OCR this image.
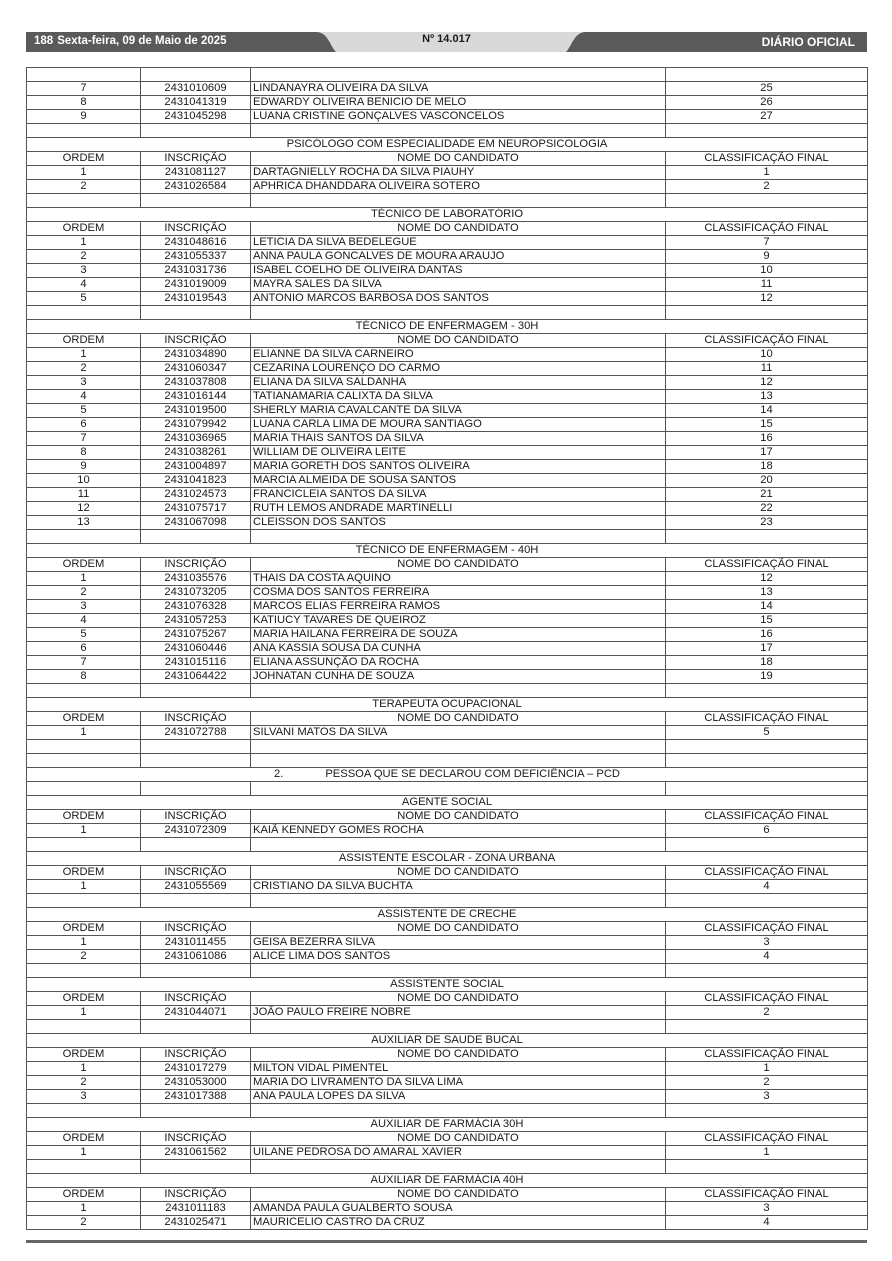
188 Sexta-feira, 09 de Maio de 2025	Nº 14.017	DIÁRIO OFICIAL

7	2431010609	LINDANAYRA OLIVEIRA DA SILVA	25
8	2431041319	EDWARDY OLIVEIRA BENICIO DE MELO	26
9	2431045298	LUANA CRISTINE GONÇALVES VASCONCELOS	27

PSICÓLOGO COM ESPECIALIDADE EM NEUROPSICOLOGIA			
ORDEM	INSCRIÇÃO	NOME DO CANDIDATO	CLASSIFICAÇÃO FINAL
1	2431081127	DARTAGNIELLY ROCHA DA SILVA PIAUHY	1
2	2431026584	APHRICA DHANDDARA OLIVEIRA SOTERO	2

TÉCNICO DE LABORATÓRIO			
ORDEM	INSCRIÇÃO	NOME DO CANDIDATO	CLASSIFICAÇÃO FINAL
1	2431048616	LETICIA DA SILVA BEDELEGUE	7
2	2431055337	ANNA PAULA GONCALVES DE MOURA ARAUJO	9
3	2431031736	ISABEL COELHO DE OLIVEIRA DANTAS	10
4	2431019009	MAYRA SALES DA SILVA	11
5	2431019543	ANTONIO MARCOS BARBOSA DOS SANTOS	12

TÉCNICO DE ENFERMAGEM - 30H			
ORDEM	INSCRIÇÃO	NOME DO CANDIDATO	CLASSIFICAÇÃO FINAL
1	2431034890	ELIANNE DA SILVA CARNEIRO	10
2	2431060347	CEZARINA LOURENÇO DO CARMO	11
3	2431037808	ELIANA DA SILVA SALDANHA	12
4	2431016144	TATIANAMARIA CALIXTA DA SILVA	13
5	2431019500	SHERLY MARIA CAVALCANTE DA SILVA	14
6	2431079942	LUANA CARLA LIMA DE MOURA SANTIAGO	15
7	2431036965	MARIA THAIS SANTOS DA SILVA	16
8	2431038261	WILLIAM DE OLIVEIRA LEITE	17
9	2431004897	MARIA GORETH DOS SANTOS OLIVEIRA	18
10	2431041823	MARCIA ALMEIDA DE SOUSA SANTOS	20
11	2431024573	FRANCICLEIA SANTOS DA SILVA	21
12	2431075717	RUTH LEMOS ANDRADE MARTINELLI	22
13	2431067098	CLEISSON DOS SANTOS	23

TÉCNICO DE ENFERMAGEM - 40H			
ORDEM	INSCRIÇÃO	NOME DO CANDIDATO	CLASSIFICAÇÃO FINAL
1	2431035576	THAIS DA COSTA AQUINO	12
2	2431073205	COSMA DOS SANTOS FERREIRA	13
3	2431076328	MARCOS ELIAS FERREIRA RAMOS	14
4	2431057253	KATIUCY TAVARES DE QUEIROZ	15
5	2431075267	MARIA HAILANA FERREIRA DE SOUZA	16
6	2431060446	ANA KASSIA SOUSA DA CUNHA	17
7	2431015116	ELIANA ASSUNÇÃO DA ROCHA	18
8	2431064422	JOHNATAN CUNHA DE SOUZA	19

TERAPEUTA OCUPACIONAL			
ORDEM	INSCRIÇÃO	NOME DO CANDIDATO	CLASSIFICAÇÃO FINAL
1	2431072788	SILVANI MATOS DA SILVA	5

2. PESSOA QUE SE DECLAROU COM DEFICIÊNCIA – PCD			

AGENTE SOCIAL			
ORDEM	INSCRIÇÃO	NOME DO CANDIDATO	CLASSIFICAÇÃO FINAL
1	2431072309	KAIÃ KENNEDY GOMES ROCHA	6

ASSISTENTE ESCOLAR - ZONA URBANA			
ORDEM	INSCRIÇÃO	NOME DO CANDIDATO	CLASSIFICAÇÃO FINAL
1	2431055569	CRISTIANO DA SILVA BUCHTA	4

ASSISTENTE DE CRECHE			
ORDEM	INSCRIÇÃO	NOME DO CANDIDATO	CLASSIFICAÇÃO FINAL
1	2431011455	GEISA BEZERRA SILVA	3
2	2431061086	ALICE LIMA DOS SANTOS	4

ASSISTENTE SOCIAL			
ORDEM	INSCRIÇÃO	NOME DO CANDIDATO	CLASSIFICAÇÃO FINAL
1	2431044071	JOÃO PAULO FREIRE NOBRE	2

AUXILIAR DE SAUDE BUCAL			
ORDEM	INSCRIÇÃO	NOME DO CANDIDATO	CLASSIFICAÇÃO FINAL
1	2431017279	MILTON VIDAL PIMENTEL	1
2	2431053000	MARIA DO LIVRAMENTO DA SILVA LIMA	2
3	2431017388	ANA PAULA LOPES DA SILVA	3

AUXILIAR DE FARMÁCIA 30H			
ORDEM	INSCRIÇÃO	NOME DO CANDIDATO	CLASSIFICAÇÃO FINAL
1	2431061562	UILANE PEDROSA DO AMARAL XAVIER	1

AUXILIAR DE FARMÁCIA 40H			
ORDEM	INSCRIÇÃO	NOME DO CANDIDATO	CLASSIFICAÇÃO FINAL
1	2431011183	AMANDA PAULA GUALBERTO SOUSA	3
2	2431025471	MAURICELIO CASTRO DA CRUZ	4
